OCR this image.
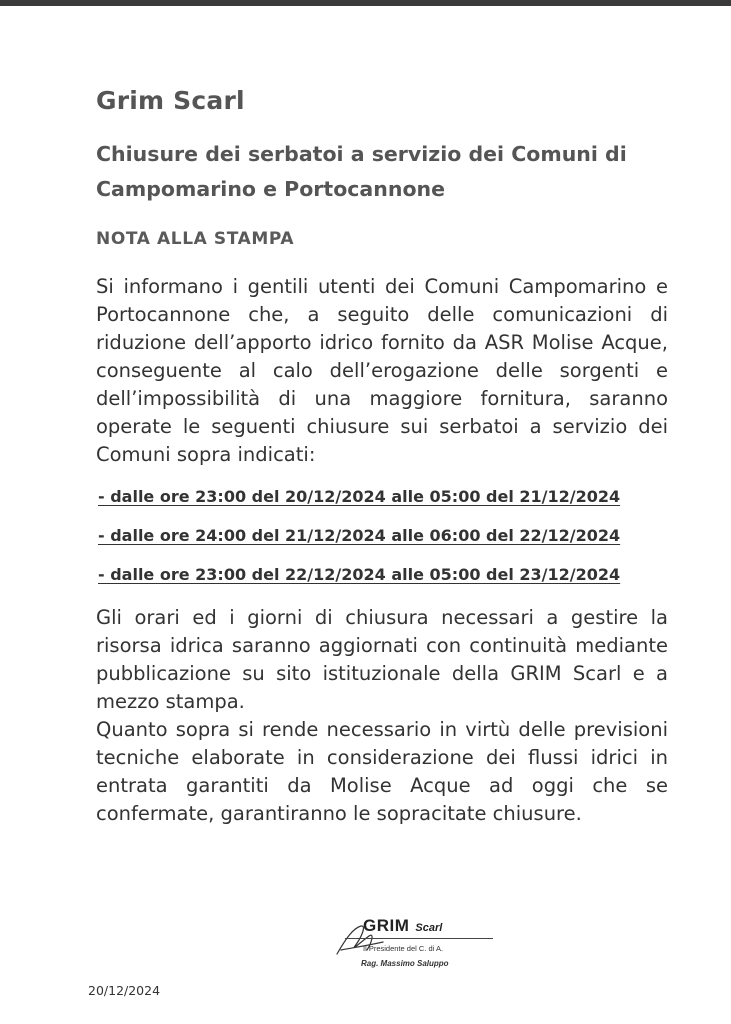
Grim Scarl
Chiusure dei serbatoi a servizio dei Comuni di
Campomarino e Portocannone
NOTA ALLA STAMPA

Si informano i gentili utenti dei Comuni Campomarino e Portocannone che, a seguito delle comunicazioni di riduzione dell’apporto idrico fornito da ASR Molise Acque, conseguente al calo dell’erogazione delle sorgenti e dell’impossibilità di una maggiore fornitura, saranno operate le seguenti chiusure sui serbatoi a servizio dei Comuni sopra indicati:

- dalle ore 23:00 del 20/12/2024 alle 05:00 del 21/12/2024
- dalle ore 24:00 del 21/12/2024 alle 06:00 del 22/12/2024
- dalle ore 23:00 del 22/12/2024 alle 05:00 del 23/12/2024

Gli orari ed i giorni di chiusura necessari a gestire la risorsa idrica saranno aggiornati con continuità mediante pubblicazione su sito istituzionale della GRIM Scarl e a mezzo stampa.

Quanto sopra si rende necessario in virtù delle previsioni tecniche elaborate in considerazione dei flussi idrici in entrata garantiti da Molise Acque ad oggi che se confermate, garantiranno le sopracitate chiusure.

GRIM Scarl
Il Presidente del C. di A.
Rag. Massimo Saluppo
20/12/2024
